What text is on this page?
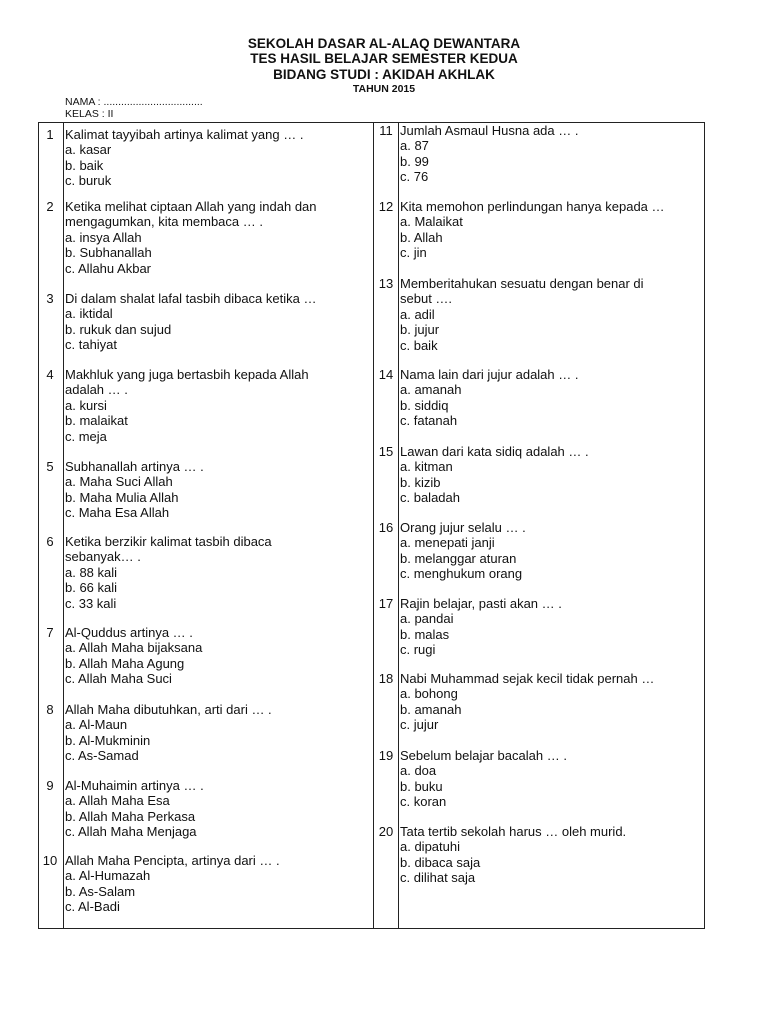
SEKOLAH DASAR AL-ALAQ DEWANTARA
TES HASIL BELAJAR SEMESTER KEDUA
BIDANG STUDI : AKIDAH AKHLAK
TAHUN 2015
NAMA : ..................................
KELAS : II
1 Kalimat tayyibah artinya kalimat yang … .
a. kasar
b. baik
c. buruk
2 Ketika melihat ciptaan Allah yang indah dan
mengagumkan, kita membaca … .
a. insya Allah
b. Subhanallah
c. Allahu Akbar
3 Di dalam shalat lafal tasbih dibaca ketika …
a. iktidal
b. rukuk dan sujud
c. tahiyat
4 Makhluk yang juga bertasbih kepada Allah
adalah … .
a. kursi
b. malaikat
c. meja
5 Subhanallah artinya … .
a. Maha Suci Allah
b. Maha Mulia Allah
c. Maha Esa Allah
6 Ketika berzikir kalimat tasbih dibaca
sebanyak… .
a. 88 kali
b. 66 kali
c. 33 kali
7 Al-Quddus artinya … .
a. Allah Maha bijaksana
b. Allah Maha Agung
c. Allah Maha Suci
8 Allah Maha dibutuhkan, arti dari … .
a. Al-Maun
b. Al-Mukminin
c. As-Samad
9 Al-Muhaimin artinya … .
a. Allah Maha Esa
b. Allah Maha Perkasa
c. Allah Maha Menjaga
10 Allah Maha Pencipta, artinya dari … .
a. Al-Humazah
b. As-Salam
c. Al-Badi
11 Jumlah Asmaul Husna ada … .
a. 87
b. 99
c. 76
12 Kita memohon perlindungan hanya kepada …
a. Malaikat
b. Allah
c. jin
13 Memberitahukan sesuatu dengan benar di
sebut ….
a. adil
b. jujur
c. baik
14 Nama lain dari jujur adalah … .
a. amanah
b. siddiq
c. fatanah
15 Lawan dari kata sidiq adalah … .
a. kitman
b. kizib
c. baladah
16 Orang jujur selalu … .
a. menepati janji
b. melanggar aturan
c. menghukum orang
17 Rajin belajar, pasti akan … .
a. pandai
b. malas
c. rugi
18 Nabi Muhammad sejak kecil tidak pernah …
a. bohong
b. amanah
c. jujur
19 Sebelum belajar bacalah … .
a. doa
b. buku
c. koran
20 Tata tertib sekolah harus … oleh murid.
a. dipatuhi
b. dibaca saja
c. dilihat saja
